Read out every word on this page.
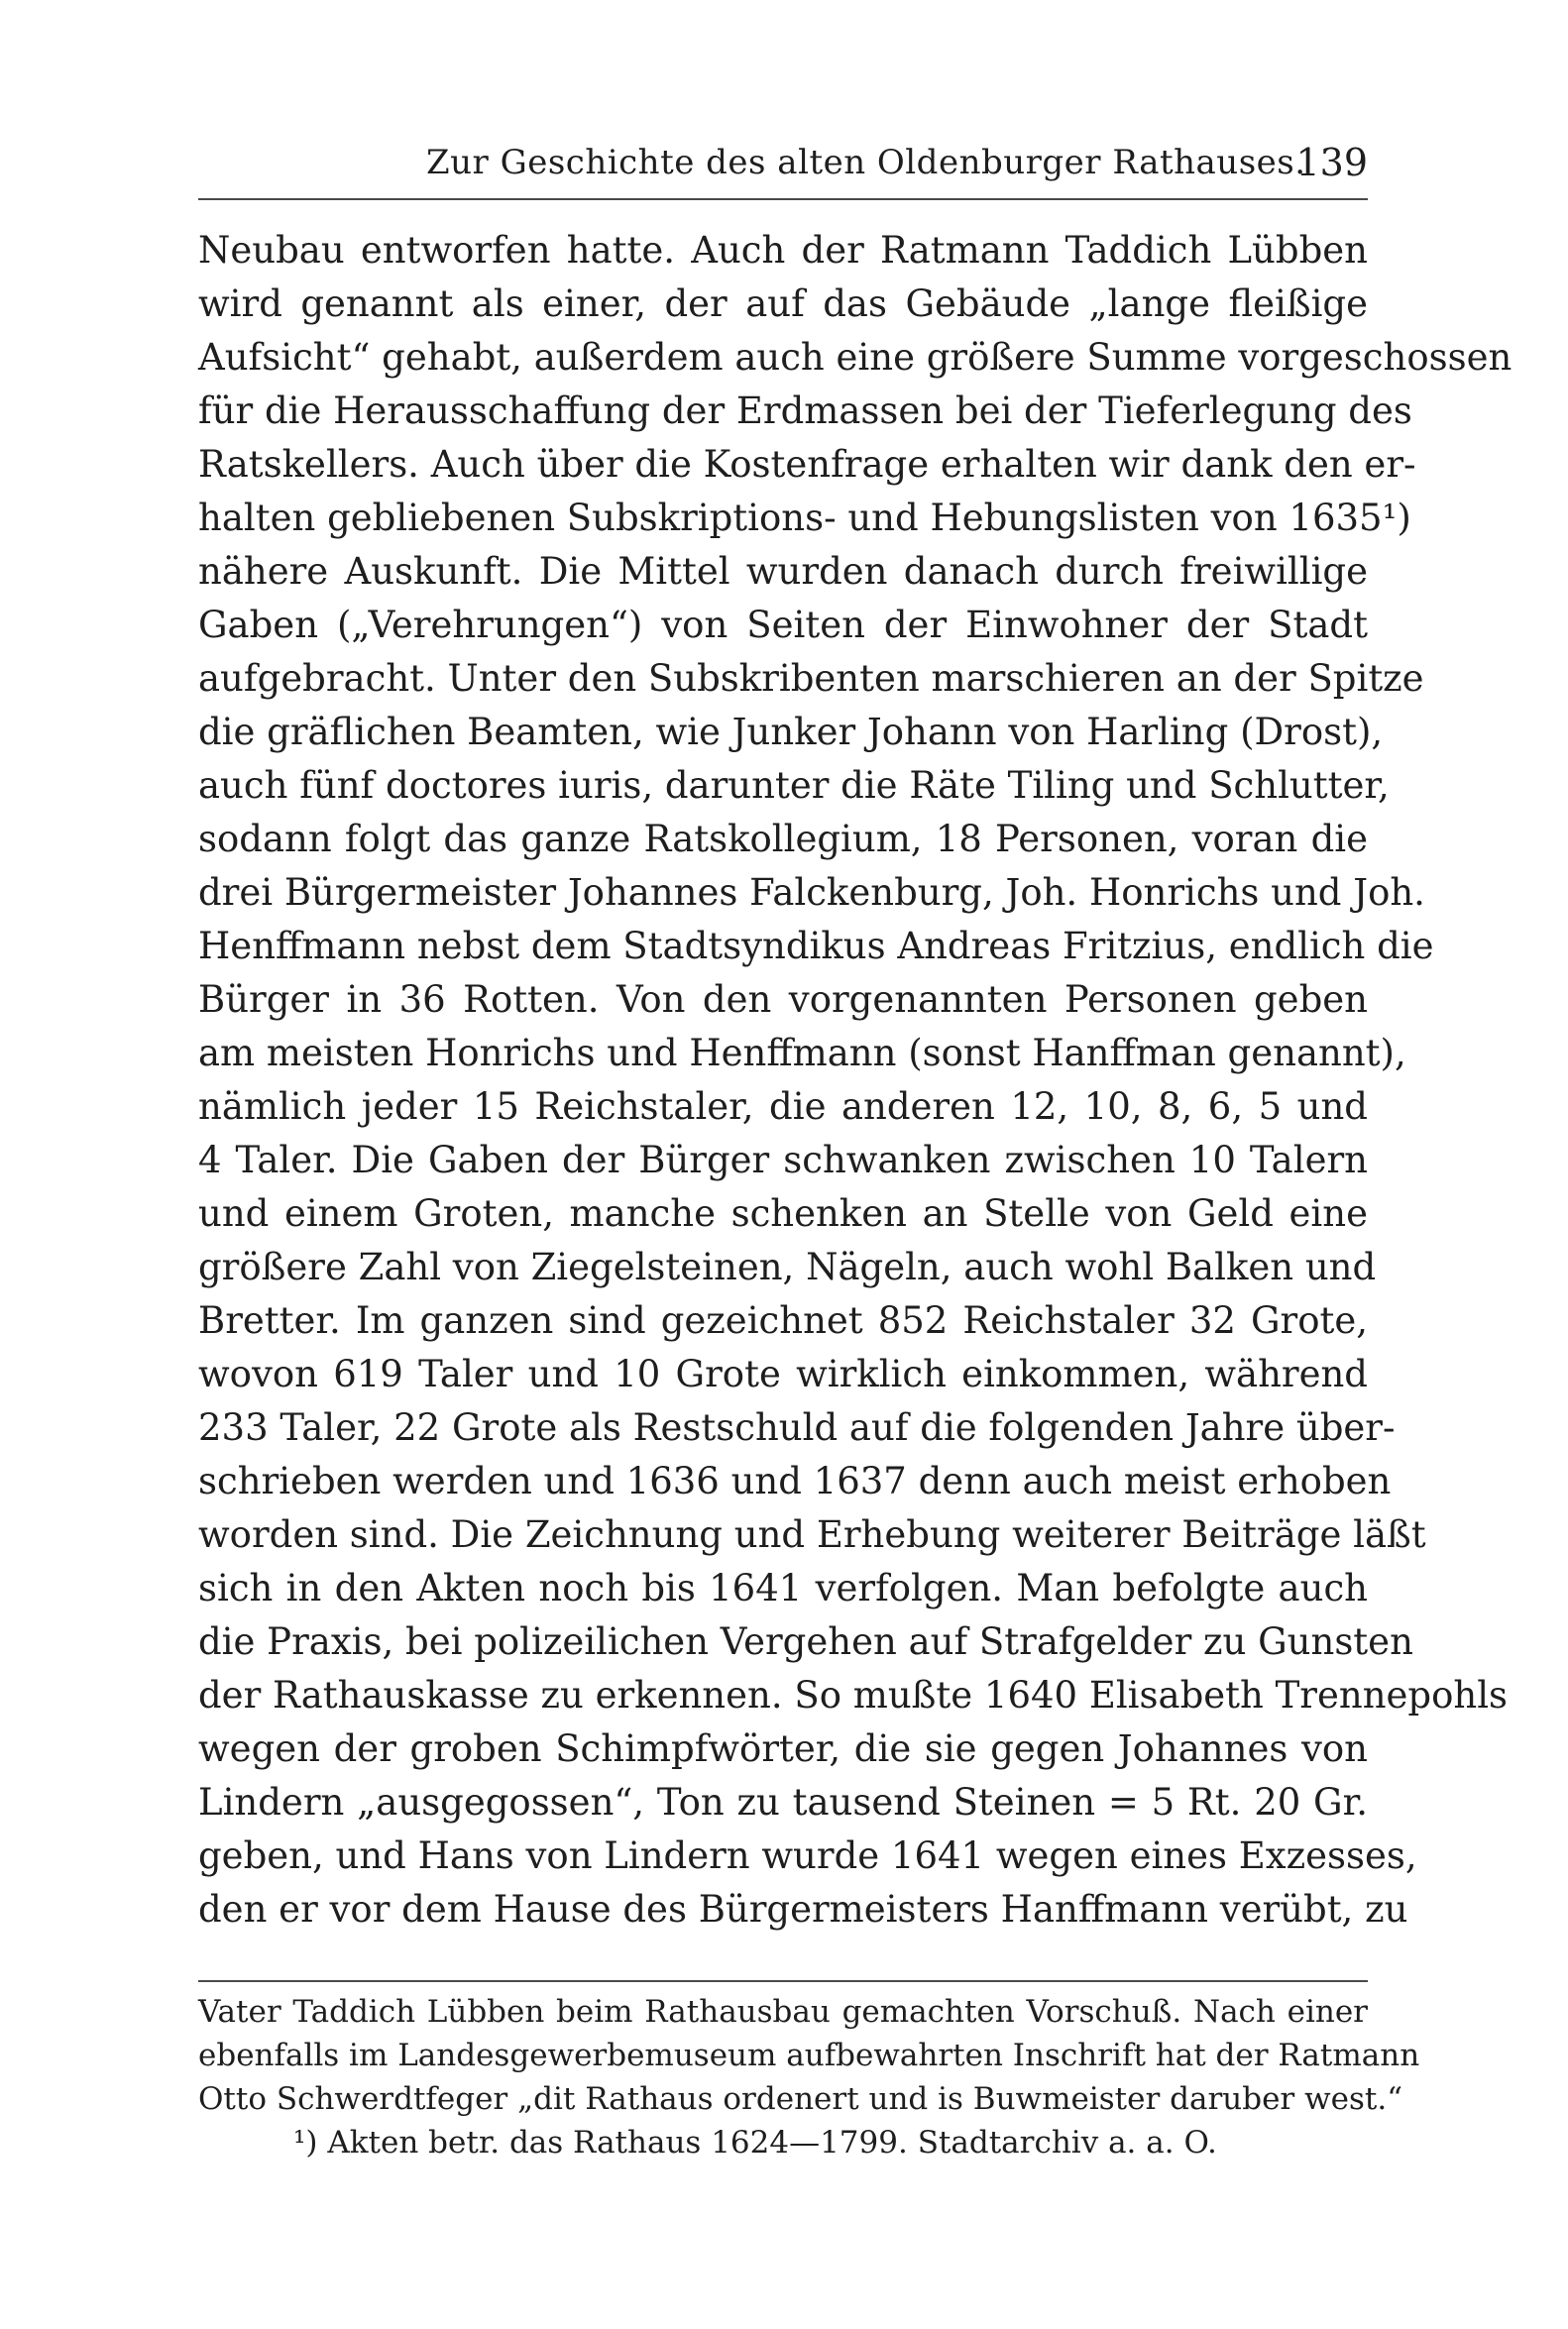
Zur Geschichte des alten Oldenburger Rathauses.
139
Neubau entworfen hatte. Auch der Ratmann Taddich Lübben
wird genannt als einer, der auf das Gebäude „lange fleißige
Aufsicht“ gehabt, außerdem auch eine größere Summe vorgeschossen
für die Herausschaffung der Erdmassen bei der Tieferlegung des
Ratskellers. Auch über die Kostenfrage erhalten wir dank den er-
halten gebliebenen Subskriptions- und Hebungslisten von 1635¹)
nähere Auskunft. Die Mittel wurden danach durch freiwillige
Gaben („Verehrungen“) von Seiten der Einwohner der Stadt
aufgebracht. Unter den Subskribenten marschieren an der Spitze
die gräflichen Beamten, wie Junker Johann von Harling (Drost),
auch fünf doctores iuris, darunter die Räte Tiling und Schlutter,
sodann folgt das ganze Ratskollegium, 18 Personen, voran die
drei Bürgermeister Johannes Falckenburg, Joh. Honrichs und Joh.
Henffmann nebst dem Stadtsyndikus Andreas Fritzius, endlich die
Bürger in 36 Rotten. Von den vorgenannten Personen geben
am meisten Honrichs und Henffmann (sonst Hanffman genannt),
nämlich jeder 15 Reichstaler, die anderen 12, 10, 8, 6, 5 und
4 Taler. Die Gaben der Bürger schwanken zwischen 10 Talern
und einem Groten, manche schenken an Stelle von Geld eine
größere Zahl von Ziegelsteinen, Nägeln, auch wohl Balken und
Bretter. Im ganzen sind gezeichnet 852 Reichstaler 32 Grote,
wovon 619 Taler und 10 Grote wirklich einkommen, während
233 Taler, 22 Grote als Restschuld auf die folgenden Jahre über-
schrieben werden und 1636 und 1637 denn auch meist erhoben
worden sind. Die Zeichnung und Erhebung weiterer Beiträge läßt
sich in den Akten noch bis 1641 verfolgen. Man befolgte auch
die Praxis, bei polizeilichen Vergehen auf Strafgelder zu Gunsten
der Rathauskasse zu erkennen. So mußte 1640 Elisabeth Trennepohls
wegen der groben Schimpfwörter, die sie gegen Johannes von
Lindern „ausgegossen“, Ton zu tausend Steinen = 5 Rt. 20 Gr.
geben, und Hans von Lindern wurde 1641 wegen eines Exzesses,
den er vor dem Hause des Bürgermeisters Hanffmann verübt, zu
Vater Taddich Lübben beim Rathausbau gemachten Vorschuß. Nach einer
ebenfalls im Landesgewerbemuseum aufbewahrten Inschrift hat der Ratmann
Otto Schwerdtfeger „dit Rathaus ordenert und is Buwmeister daruber west.“
¹) Akten betr. das Rathaus 1624—1799. Stadtarchiv a. a. O.
